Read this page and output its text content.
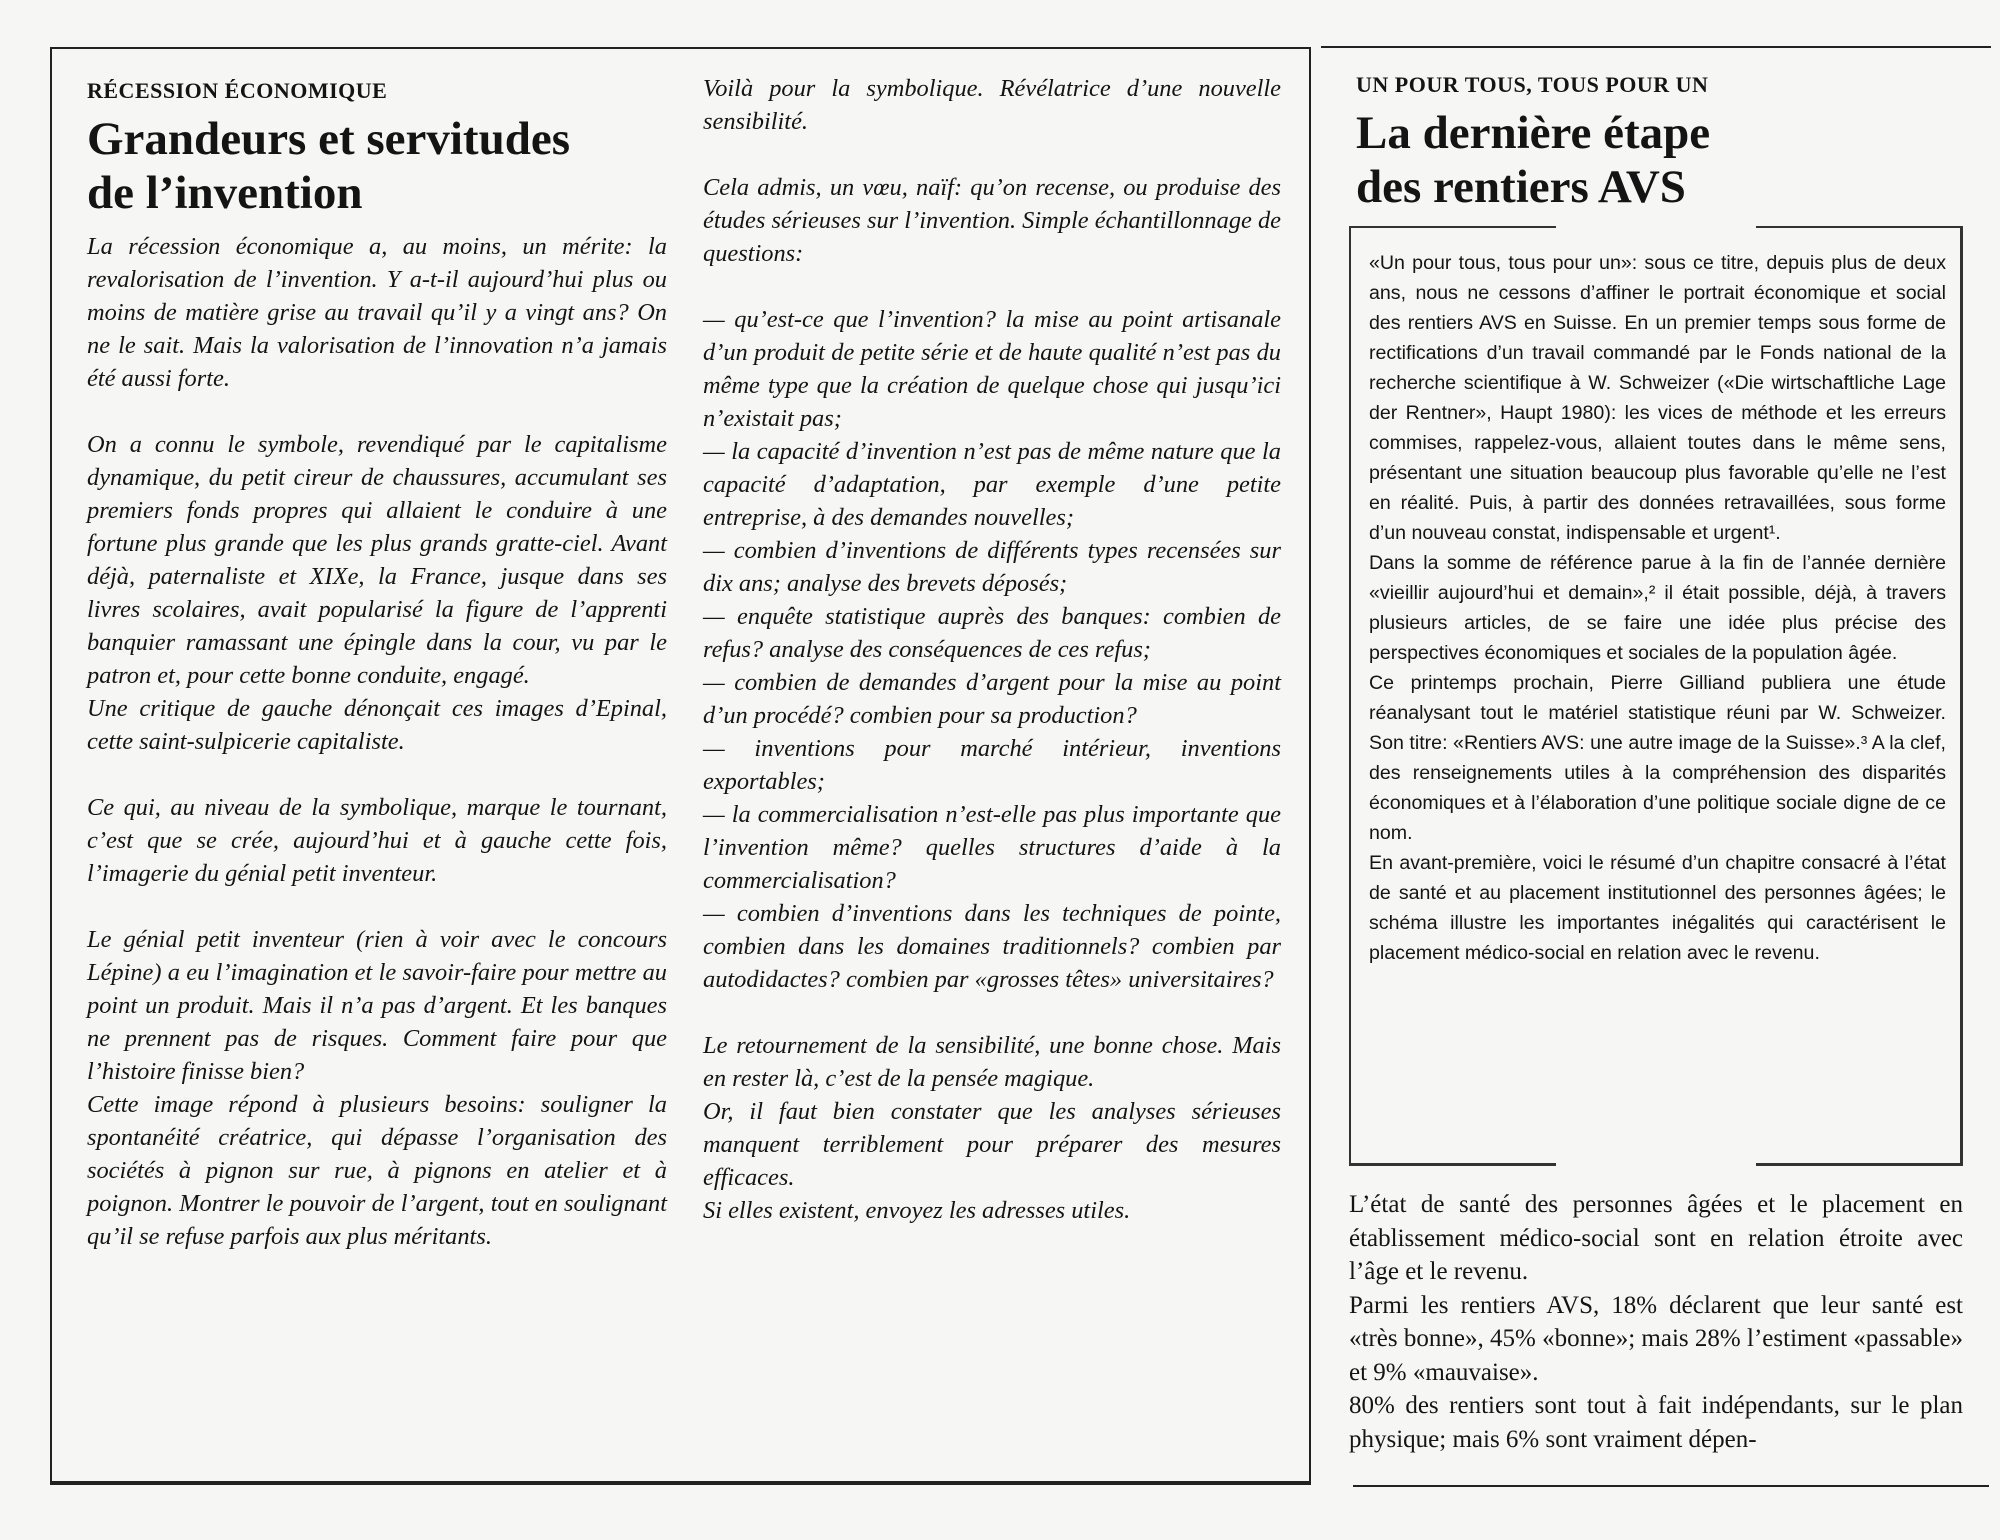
RÉCESSION ÉCONOMIQUE
Grandeurs et servitudes
de l’invention

La récession économique a, au moins, un mérite: la revalorisation de l’invention. Y a-t-il aujourd’hui plus ou moins de matière grise au travail qu’il y a vingt ans? On ne le sait. Mais la valorisation de l’innovation n’a jamais été aussi forte.

On a connu le symbole, revendiqué par le capitalisme dynamique, du petit cireur de chaussures, accumulant ses premiers fonds propres qui allaient le conduire à une fortune plus grande que les plus grands gratte-ciel. Avant déjà, paternaliste et XIXe, la France, jusque dans ses livres scolaires, avait popularisé la figure de l’apprenti banquier ramassant une épingle dans la cour, vu par le patron et, pour cette bonne conduite, engagé.

Une critique de gauche dénonçait ces images d’Epinal, cette saint-sulpicerie capitaliste.

Ce qui, au niveau de la symbolique, marque le tournant, c’est que se crée, aujourd’hui et à gauche cette fois, l’imagerie du génial petit inventeur.

Le génial petit inventeur (rien à voir avec le concours Lépine) a eu l’imagination et le savoir-faire pour mettre au point un produit. Mais il n’a pas d’argent. Et les banques ne prennent pas de risques. Comment faire pour que l’histoire finisse bien?

Cette image répond à plusieurs besoins: souligner la spontanéité créatrice, qui dépasse l’organisation des sociétés à pignon sur rue, à pignons en atelier et à poignon. Montrer le pouvoir de l’argent, tout en soulignant qu’il se refuse parfois aux plus méritants.

Voilà pour la symbolique. Révélatrice d’une nouvelle sensibilité.

Cela admis, un vœu, naïf: qu’on recense, ou produise des études sérieuses sur l’invention. Simple échantillonnage de questions:

— qu’est-ce que l’invention? la mise au point artisanale d’un produit de petite série et de haute qualité n’est pas du même type que la création de quelque chose qui jusqu’ici n’existait pas;

— la capacité d’invention n’est pas de même nature que la capacité d’adaptation, par exemple d’une petite entreprise, à des demandes nouvelles;

— combien d’inventions de différents types recensées sur dix ans; analyse des brevets déposés;

— enquête statistique auprès des banques: combien de refus? analyse des conséquences de ces refus;

— combien de demandes d’argent pour la mise au point d’un procédé? combien pour sa production?

— inventions pour marché intérieur, inventions exportables;

— la commercialisation n’est-elle pas plus importante que l’invention même? quelles structures d’aide à la commercialisation?

— combien d’inventions dans les techniques de pointe, combien dans les domaines traditionnels? combien par autodidactes? combien par «grosses têtes» universitaires?

Le retournement de la sensibilité, une bonne chose. Mais en rester là, c’est de la pensée magique.

Or, il faut bien constater que les analyses sérieuses manquent terriblement pour préparer des mesures efficaces.

Si elles existent, envoyez les adresses utiles.

UN POUR TOUS, TOUS POUR UN
La dernière étape
des rentiers AVS

«Un pour tous, tous pour un»: sous ce titre, depuis plus de deux ans, nous ne cessons d’affiner le portrait économique et social des rentiers AVS en Suisse. En un premier temps sous forme de rectifications d’un travail commandé par le Fonds national de la recherche scientifique à W. Schweizer («Die wirtschaftliche Lage der Rentner», Haupt 1980): les vices de méthode et les erreurs commises, rappelez-vous, allaient toutes dans le même sens, présentant une situation beaucoup plus favorable qu’elle ne l’est en réalité. Puis, à partir des données retravaillées, sous forme d’un nouveau constat, indispensable et urgent¹.

Dans la somme de référence parue à la fin de l’année dernière «vieillir aujourd’hui et demain»,² il était possible, déjà, à travers plusieurs articles, de se faire une idée plus précise des perspectives économiques et sociales de la population âgée.

Ce printemps prochain, Pierre Gilliand publiera une étude réanalysant tout le matériel statistique réuni par W. Schweizer. Son titre: «Rentiers AVS: une autre image de la Suisse».³ A la clef, des renseignements utiles à la compréhension des disparités économiques et à l’élaboration d’une politique sociale digne de ce nom.

En avant-première, voici le résumé d’un chapitre consacré à l’état de santé et au placement institutionnel des personnes âgées; le schéma illustre les importantes inégalités qui caractérisent le placement médico-social en relation avec le revenu.

L’état de santé des personnes âgées et le placement en établissement médico-social sont en relation étroite avec l’âge et le revenu.

Parmi les rentiers AVS, 18% déclarent que leur santé est «très bonne», 45% «bonne»; mais 28% l’estiment «passable» et 9% «mauvaise».

80% des rentiers sont tout à fait indépendants, sur le plan physique; mais 6% sont vraiment dépen-
